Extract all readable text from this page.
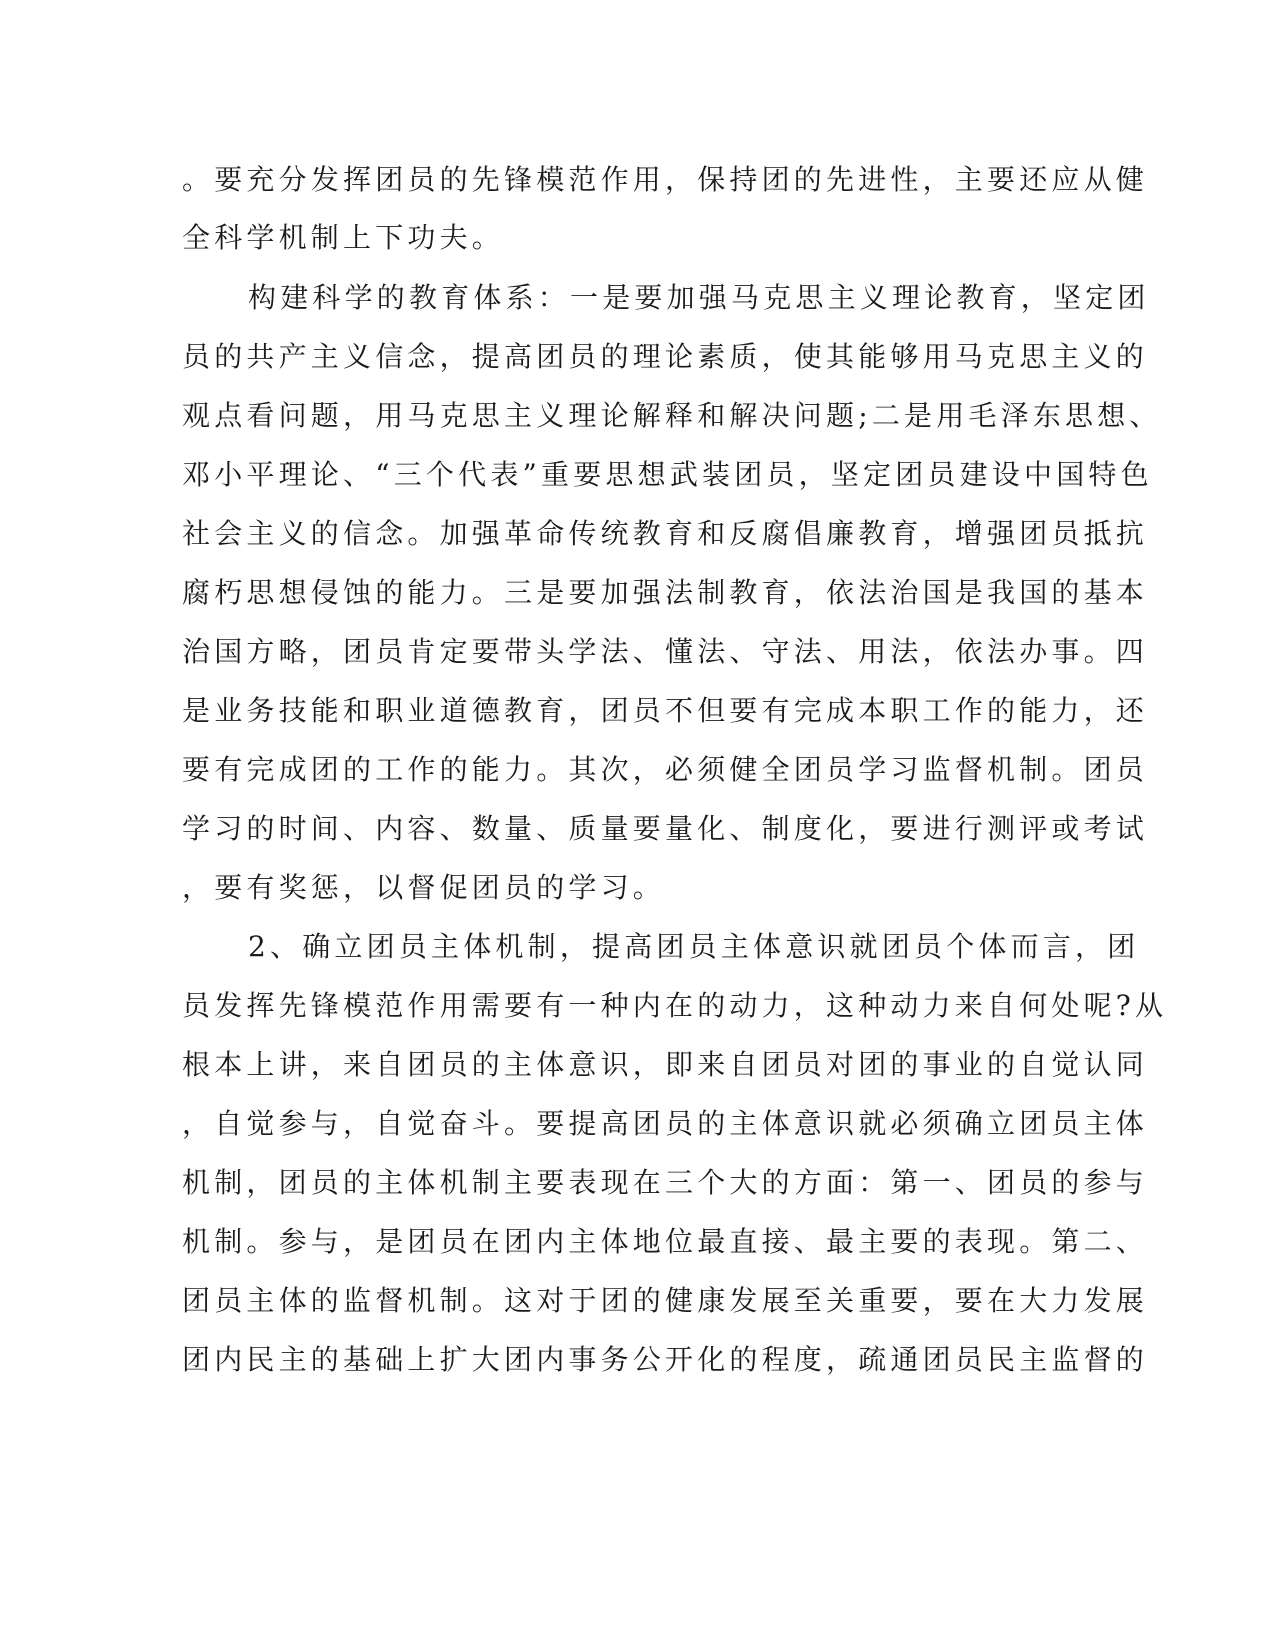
。要充分发挥团员的先锋模范作用，保持团的先进性，主要还应从健

全科学机制上下功夫。

构建科学的教育体系：一是要加强马克思主义理论教育，坚定团

员的共产主义信念，提高团员的理论素质，使其能够用马克思主义的

观点看问题，用马克思主义理论解释和解决问题;二是用毛泽东思想、

邓小平理论、“三个代表”重要思想武装团员，坚定团员建设中国特色

社会主义的信念。加强革命传统教育和反腐倡廉教育，增强团员抵抗

腐朽思想侵蚀的能力。三是要加强法制教育，依法治国是我国的基本

治国方略，团员肯定要带头学法、懂法、守法、用法，依法办事。四

是业务技能和职业道德教育，团员不但要有完成本职工作的能力，还

要有完成团的工作的能力。其次，必须健全团员学习监督机制。团员

学习的时间、内容、数量、质量要量化、制度化，要进行测评或考试

，要有奖惩，以督促团员的学习。

2、确立团员主体机制，提高团员主体意识就团员个体而言，团

员发挥先锋模范作用需要有一种内在的动力，这种动力来自何处呢?从

根本上讲，来自团员的主体意识，即来自团员对团的事业的自觉认同

，自觉参与，自觉奋斗。要提高团员的主体意识就必须确立团员主体

机制，团员的主体机制主要表现在三个大的方面：第一、团员的参与

机制。参与，是团员在团内主体地位最直接、最主要的表现。第二、

团员主体的监督机制。这对于团的健康发展至关重要，要在大力发展

团内民主的基础上扩大团内事务公开化的程度，疏通团员民主监督的
